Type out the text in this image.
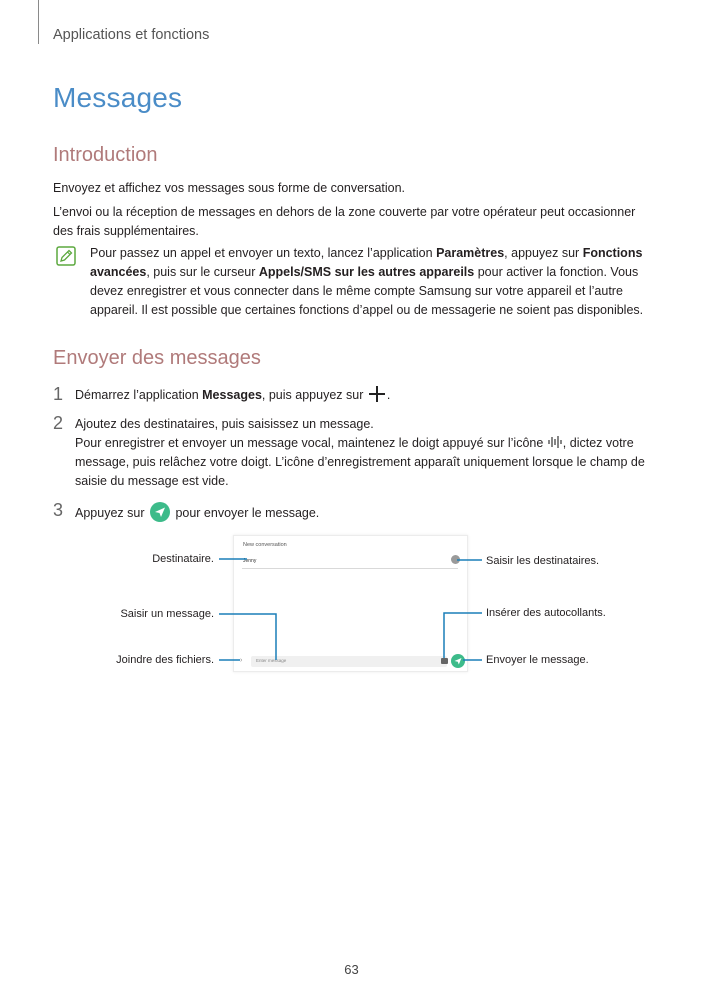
Applications et fonctions
Messages
Introduction

Envoyez et affichez vos messages sous forme de conversation.

L’envoi ou la réception de messages en dehors de la zone couverte par votre opérateur peut occasionner des frais supplémentaires.

Pour passez un appel et envoyer un texto, lancez l’application Paramètres, appuyez sur Fonctions avancées, puis sur le curseur Appels/SMS sur les autres appareils pour activer la fonction. Vous devez enregistrer et vous connecter dans le même compte Samsung sur votre appareil et l’autre appareil. Il est possible que certaines fonctions d’appel ou de messagerie ne soient pas disponibles.

Envoyer des messages
1 Démarrez l’application Messages, puis appuyez sur .

2 Ajoutez des destinataires, puis saisissez un message.

Pour enregistrer et envoyer un message vocal, maintenez le doigt appuyé sur l’icône , dictez votre message, puis relâchez votre doigt. L’icône d’enregistrement apparaît uniquement lorsque le champ de saisie du message est vide.

3 Appuyez sur  pour envoyer le message.

New conversation
Jenny
›	Enter message
Destinataire.
Saisir un message.
Joindre des fichiers.
Saisir les destinataires.
Insérer des autocollants.
Envoyer le message.
63
